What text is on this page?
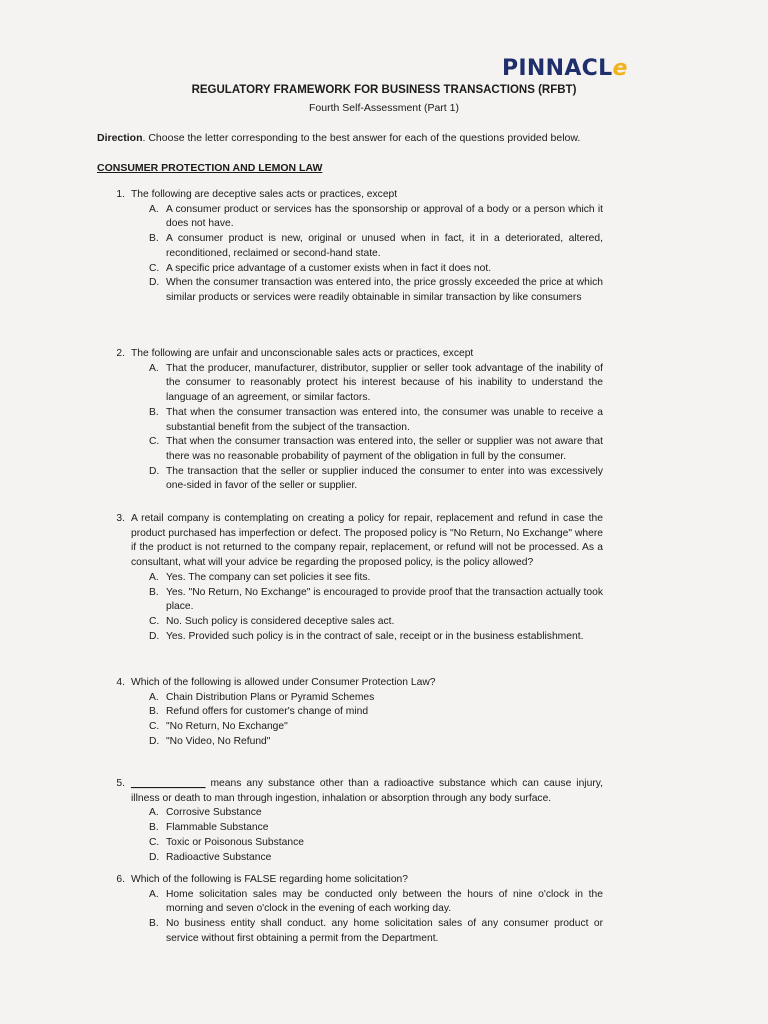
PINNACLe
REGULATORY FRAMEWORK FOR BUSINESS TRANSACTIONS (RFBT)
Fourth Self-Assessment (Part 1)
Direction. Choose the letter corresponding to the best answer for each of the questions provided below.
CONSUMER PROTECTION AND LEMON LAW
1. The following are deceptive sales acts or practices, except
A. A consumer product or services has the sponsorship or approval of a body or a person which it does not have.
B. A consumer product is new, original or unused when in fact, it in a deteriorated, altered, reconditioned, reclaimed or second-hand state.
C. A specific price advantage of a customer exists when in fact it does not.
D. When the consumer transaction was entered into, the price grossly exceeded the price at which similar products or services were readily obtainable in similar transaction by like consumers
2. The following are unfair and unconscionable sales acts or practices, except
A. That the producer, manufacturer, distributor, supplier or seller took advantage of the inability of the consumer to reasonably protect his interest because of his inability to understand the language of an agreement, or similar factors.
B. That when the consumer transaction was entered into, the consumer was unable to receive a substantial benefit from the subject of the transaction.
C. That when the consumer transaction was entered into, the seller or supplier was not aware that there was no reasonable probability of payment of the obligation in full by the consumer.
D. The transaction that the seller or supplier induced the consumer to enter into was excessively one-sided in favor of the seller or supplier.
3. A retail company is contemplating on creating a policy for repair, replacement and refund in case the product purchased has imperfection or defect. The proposed policy is "No Return, No Exchange" where if the product is not returned to the company repair, replacement, or refund will not be processed. As a consultant, what will your advice be regarding the proposed policy, is the policy allowed?
A. Yes. The company can set policies it see fits.
B. Yes. "No Return, No Exchange" is encouraged to provide proof that the transaction actually took place.
C. No. Such policy is considered deceptive sales act.
D. Yes. Provided such policy is in the contract of sale, receipt or in the business establishment.
4. Which of the following is allowed under Consumer Protection Law?
A. Chain Distribution Plans or Pyramid Schemes
B. Refund offers for customer's change of mind
C. "No Return, No Exchange"
D. "No Video, No Refund"
5. _____________ means any substance other than a radioactive substance which can cause injury, illness or death to man through ingestion, inhalation or absorption through any body surface.
A. Corrosive Substance
B. Flammable Substance
C. Toxic or Poisonous Substance
D. Radioactive Substance
6. Which of the following is FALSE regarding home solicitation?
A. Home solicitation sales may be conducted only between the hours of nine o'clock in the morning and seven o'clock in the evening of each working day.
B. No business entity shall conduct. any home solicitation sales of any consumer product or service without first obtaining a permit from the Department.
